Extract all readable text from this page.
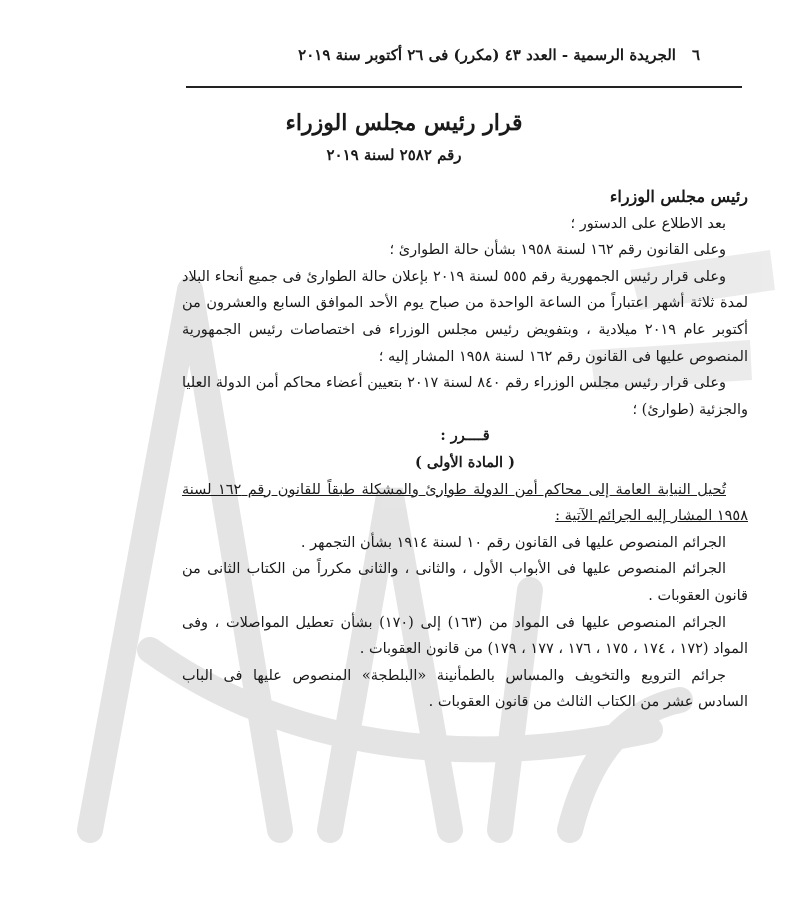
٦
الجريدة الرسمية - العدد ٤٣ (مكرر) فى ٢٦ أكتوبر سنة ٢٠١٩
قرار رئيس مجلس الوزراء
رقم ٢٥٨٢ لسنة ٢٠١٩

رئيس مجلس الوزراء

بعد الاطلاع على الدستور ؛

وعلى القانون رقم ١٦٢ لسنة ١٩٥٨ بشأن حالة الطوارئ ؛

وعلى قرار رئيس الجمهورية رقم ٥٥٥ لسنة ٢٠١٩ بإعلان حالة الطوارئ فى جميع أنحاء البلاد لمدة ثلاثة أشهر اعتباراً من الساعة الواحدة من صباح يوم الأحد الموافق السابع والعشرون من أكتوبر عام ٢٠١٩ ميلادية ، وبتفويض رئيس مجلس الوزراء فى اختصاصات رئيس الجمهورية المنصوص عليها فى القانون رقم ١٦٢ لسنة ١٩٥٨ المشار إليه ؛

وعلى قرار رئيس مجلس الوزراء رقم ٨٤٠ لسنة ٢٠١٧ بتعيين أعضاء محاكم أمن الدولة العليا والجزئية (طوارئ) ؛

قــــرر :

( المادة الأولى )

تُحيل النيابة العامة إلى محاكم أمن الدولة طوارئ والمشكلة طبقاً للقانون رقم ١٦٢ لسنة ١٩٥٨ المشار إليه الجرائم الآتية :

الجرائم المنصوص عليها فى القانون رقم ١٠ لسنة ١٩١٤ بشأن التجمهر .

الجرائم المنصوص عليها فى الأبواب الأول ، والثانى ، والثانى مكرراً من الكتاب الثانى من قانون العقوبات .

الجرائم المنصوص عليها فى المواد من (١٦٣) إلى (١٧٠) بشأن تعطيل المواصلات ، وفى المواد (١٧٢ ، ١٧٤ ، ١٧٥ ، ١٧٦ ، ١٧٧ ، ١٧٩) من قانون العقوبات .

جرائم الترويع والتخويف والمساس بالطمأنينة «البلطجة» المنصوص عليها فى الباب السادس عشر من الكتاب الثالث من قانون العقوبات .
